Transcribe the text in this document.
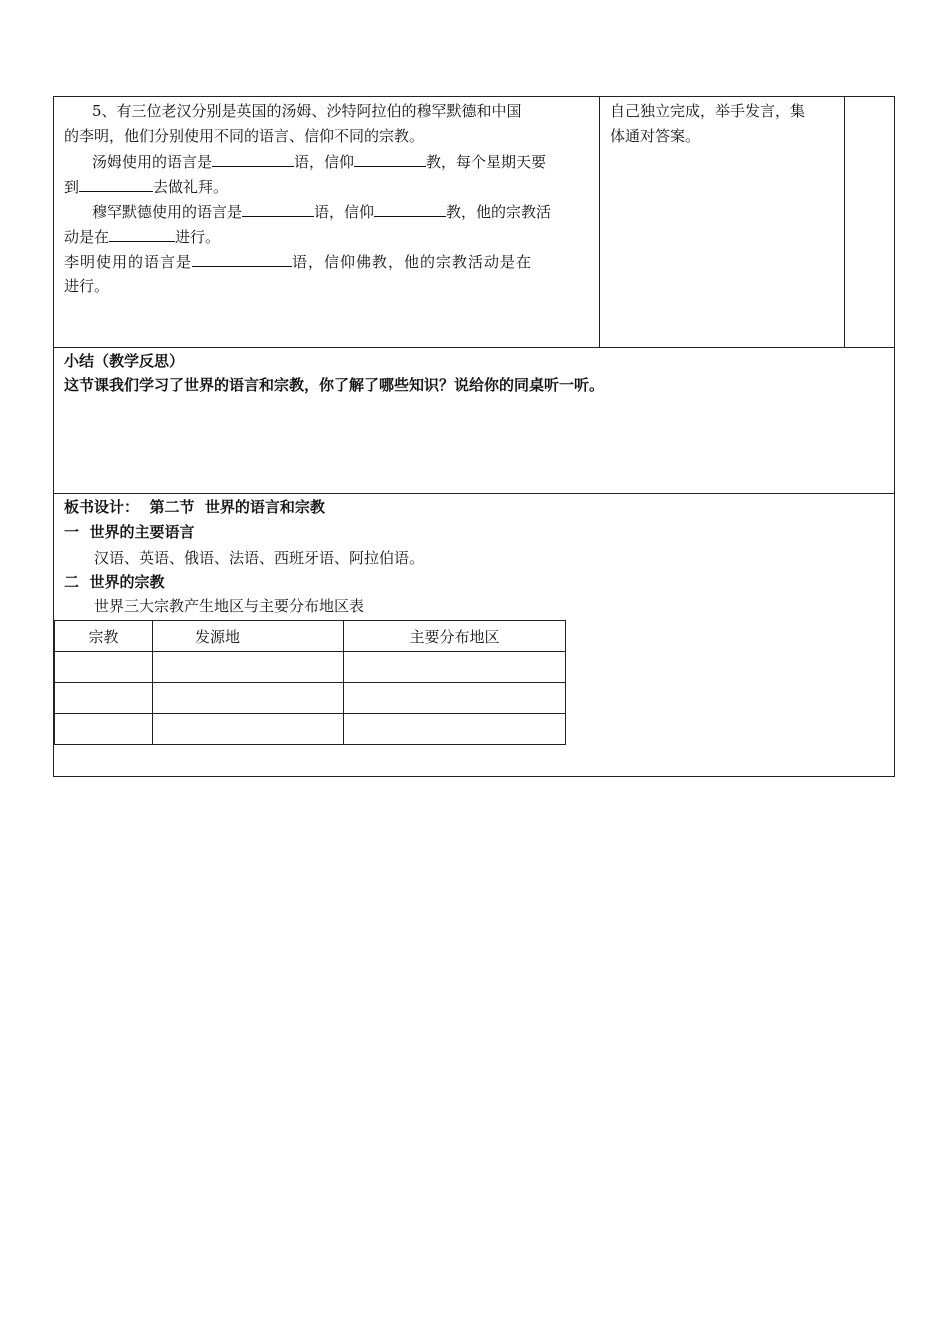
5、有三位老汉分别是英国的汤姆、沙特阿拉伯的穆罕默德和中国
的李明，他们分别使用不同的语言、信仰不同的宗教。
汤姆使用的语言是	语，信仰	教，每个星期天要
到	去做礼拜。
穆罕默德使用的语言是	语，信仰	教，他的宗教活
动是在	进行。
李明使用的语言是	语，信仰佛教，他的宗教活动是在
进行。
自己独立完成，举手发言，集
体通对答案。
小结（教学反思）
这节课我们学习了世界的语言和宗教，你了解了哪些知识？说给你的同桌听一听。
板书设计：  第二节  世界的语言和宗教
一  世界的主要语言
汉语、英语、俄语、法语、西班牙语、阿拉伯语。
二  世界的宗教
世界三大宗教产生地区与主要分布地区表
宗教	发源地	主要分布地区
